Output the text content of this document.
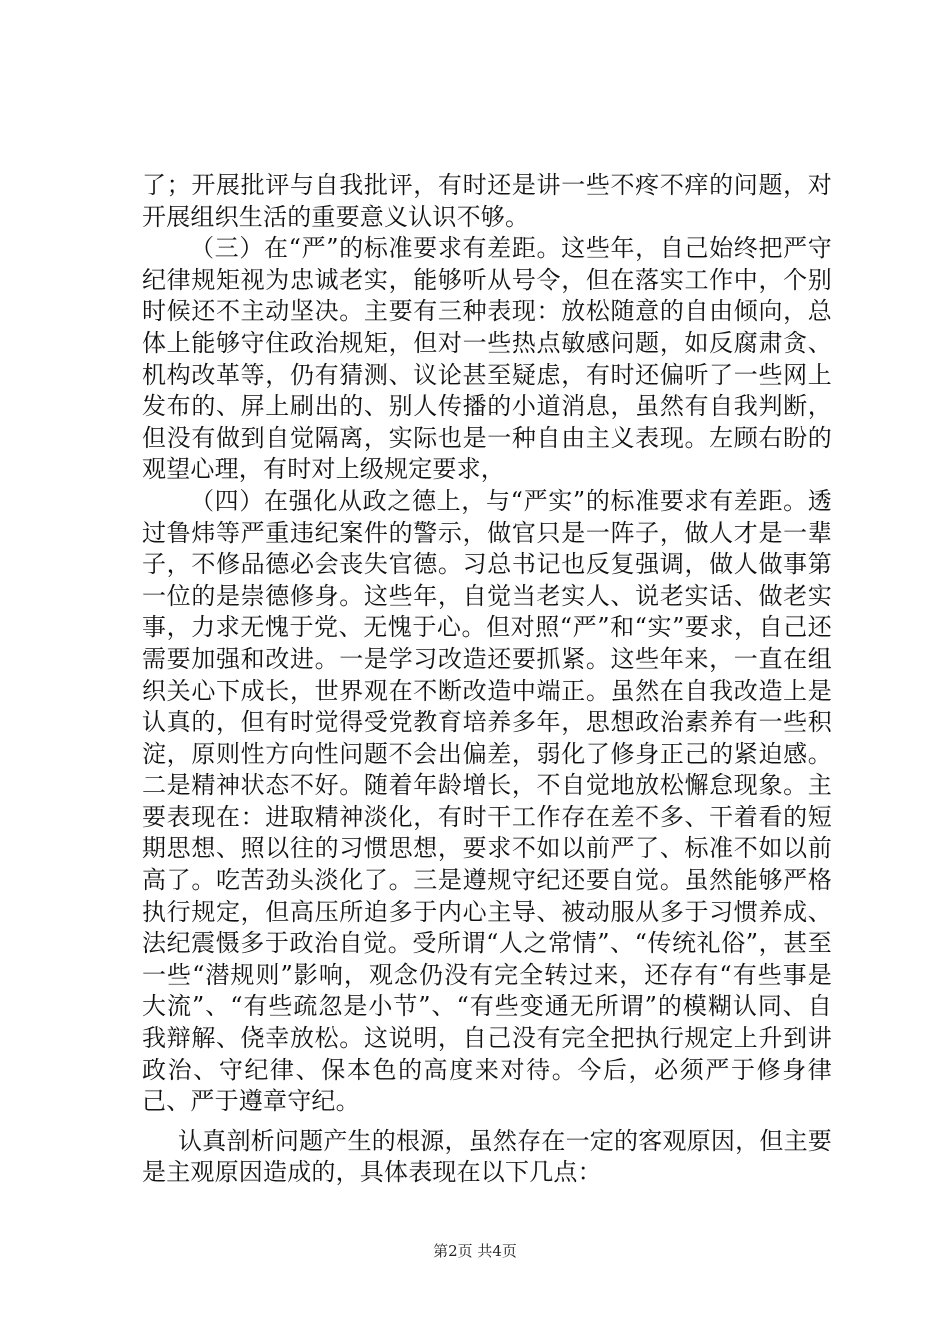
了；开展批评与自我批评，有时还是讲一些不疼不痒的问题，对开展组织生活的重要意义认识不够。

（三）在“严”的标准要求有差距。这些年，自己始终把严守纪律规矩视为忠诚老实，能够听从号令，但在落实工作中，个别时候还不主动坚决。主要有三种表现：放松随意的自由倾向，总体上能够守住政治规矩，但对一些热点敏感问题，如反腐肃贪、机构改革等，仍有猜测、议论甚至疑虑，有时还偏听了一些网上发布的、屏上刷出的、别人传播的小道消息，虽然有自我判断，但没有做到自觉隔离，实际也是一种自由主义表现。左顾右盼的观望心理，有时对上级规定要求，

（四）在强化从政之德上，与“严实”的标准要求有差距。透过鲁炜等严重违纪案件的警示，做官只是一阵子，做人才是一辈子，不修品德必会丧失官德。习总书记也反复强调，做人做事第一位的是崇德修身。这些年，自觉当老实人、说老实话、做老实事，力求无愧于党、无愧于心。但对照“严”和“实”要求，自己还需要加强和改进。一是学习改造还要抓紧。这些年来，一直在组织关心下成长，世界观在不断改造中端正。虽然在自我改造上是认真的，但有时觉得受党教育培养多年，思想政治素养有一些积淀，原则性方向性问题不会出偏差，弱化了修身正己的紧迫感。二是精神状态不好。随着年龄增长，不自觉地放松懈怠现象。主要表现在：进取精神淡化，有时干工作存在差不多、干着看的短期思想、照以往的习惯思想，要求不如以前严了、标准不如以前高了。吃苦劲头淡化了。三是遵规守纪还要自觉。虽然能够严格执行规定，但高压所迫多于内心主导、被动服从多于习惯养成、法纪震慑多于政治自觉。受所谓“人之常情”、“传统礼俗”，甚至一些“潜规则”影响，观念仍没有完全转过来，还存有“有些事是大流”、“有些疏忽是小节”、“有些变通无所谓”的模糊认同、自我辩解、侥幸放松。这说明，自己没有完全把执行规定上升到讲政治、守纪律、保本色的高度来对待。今后，必须严于修身律己、严于遵章守纪。

认真剖析问题产生的根源，虽然存在一定的客观原因，但主要是主观原因造成的，具体表现在以下几点：

第2页 共4页
